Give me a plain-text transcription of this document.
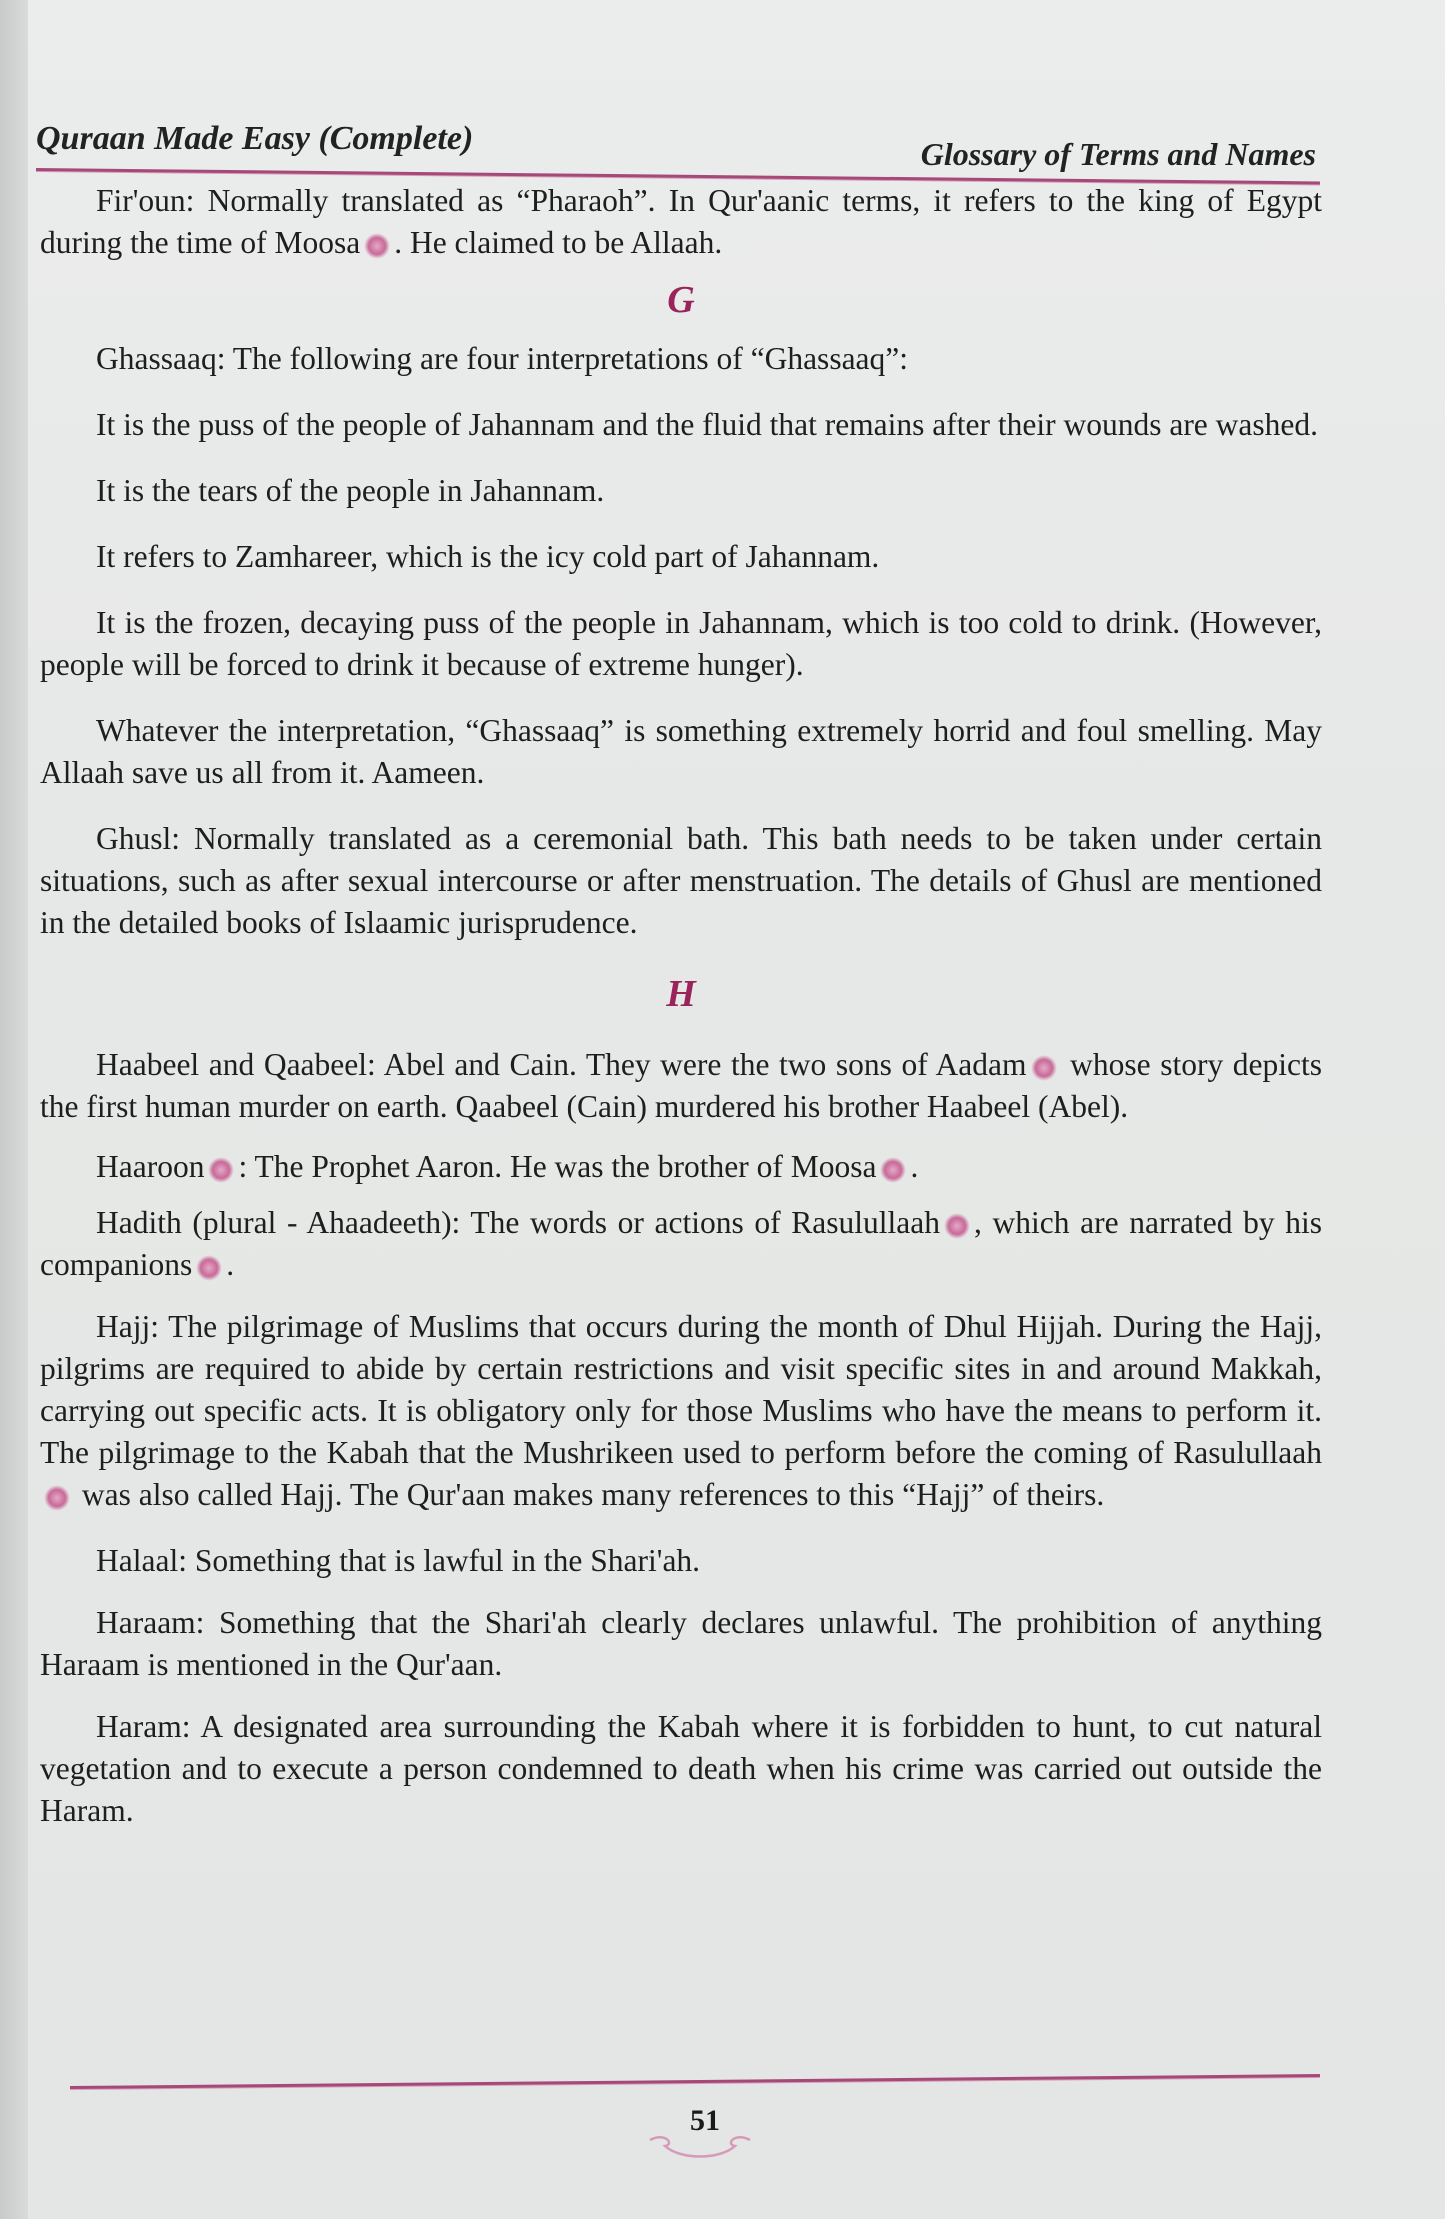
Quraan Made Easy (Complete)	Glossary of Terms and Names

Fir'oun: Normally translated as “Pharaoh”. In Qur'aanic terms, it refers to the king of Egypt during the time of Moosa . He claimed to be Allaah.

G

Ghassaaq: The following are four interpretations of “Ghassaaq”:

It is the puss of the people of Jahannam and the fluid that remains after their wounds are washed.

It is the tears of the people in Jahannam.

It refers to Zamhareer, which is the icy cold part of Jahannam.

It is the frozen, decaying puss of the people in Jahannam, which is too cold to drink. (However, people will be forced to drink it because of extreme hunger).

Whatever the interpretation, “Ghassaaq” is something extremely horrid and foul smelling. May Allaah save us all from it. Aameen.

Ghusl: Normally translated as a ceremonial bath. This bath needs to be taken under certain situations, such as after sexual intercourse or after menstruation. The details of Ghusl are mentioned in the detailed books of Islaamic jurisprudence.

H

Haabeel and Qaabeel: Abel and Cain. They were the two sons of Aadam whose story depicts the first human murder on earth. Qaabeel (Cain) murdered his brother Haabeel (Abel).

Haaroon : The Prophet Aaron. He was the brother of Moosa .

Hadith (plural - Ahaadeeth): The words or actions of Rasulullaah , which are narrated by his companions .

Hajj: The pilgrimage of Muslims that occurs during the month of Dhul Hijjah. During the Hajj, pilgrims are required to abide by certain restrictions and visit specific sites in and around Makkah, carrying out specific acts. It is obligatory only for those Muslims who have the means to perform it. The pilgrimage to the Kabah that the Mushrikeen used to perform before the coming of Rasulullaah was also called Hajj. The Qur'aan makes many references to this “Hajj” of theirs.

Halaal: Something that is lawful in the Shari'ah.

Haraam: Something that the Shari'ah clearly declares unlawful. The prohibition of anything Haraam is mentioned in the Qur'aan.

Haram: A designated area surrounding the Kabah where it is forbidden to hunt, to cut natural vegetation and to execute a person condemned to death when his crime was carried out outside the Haram.

51
